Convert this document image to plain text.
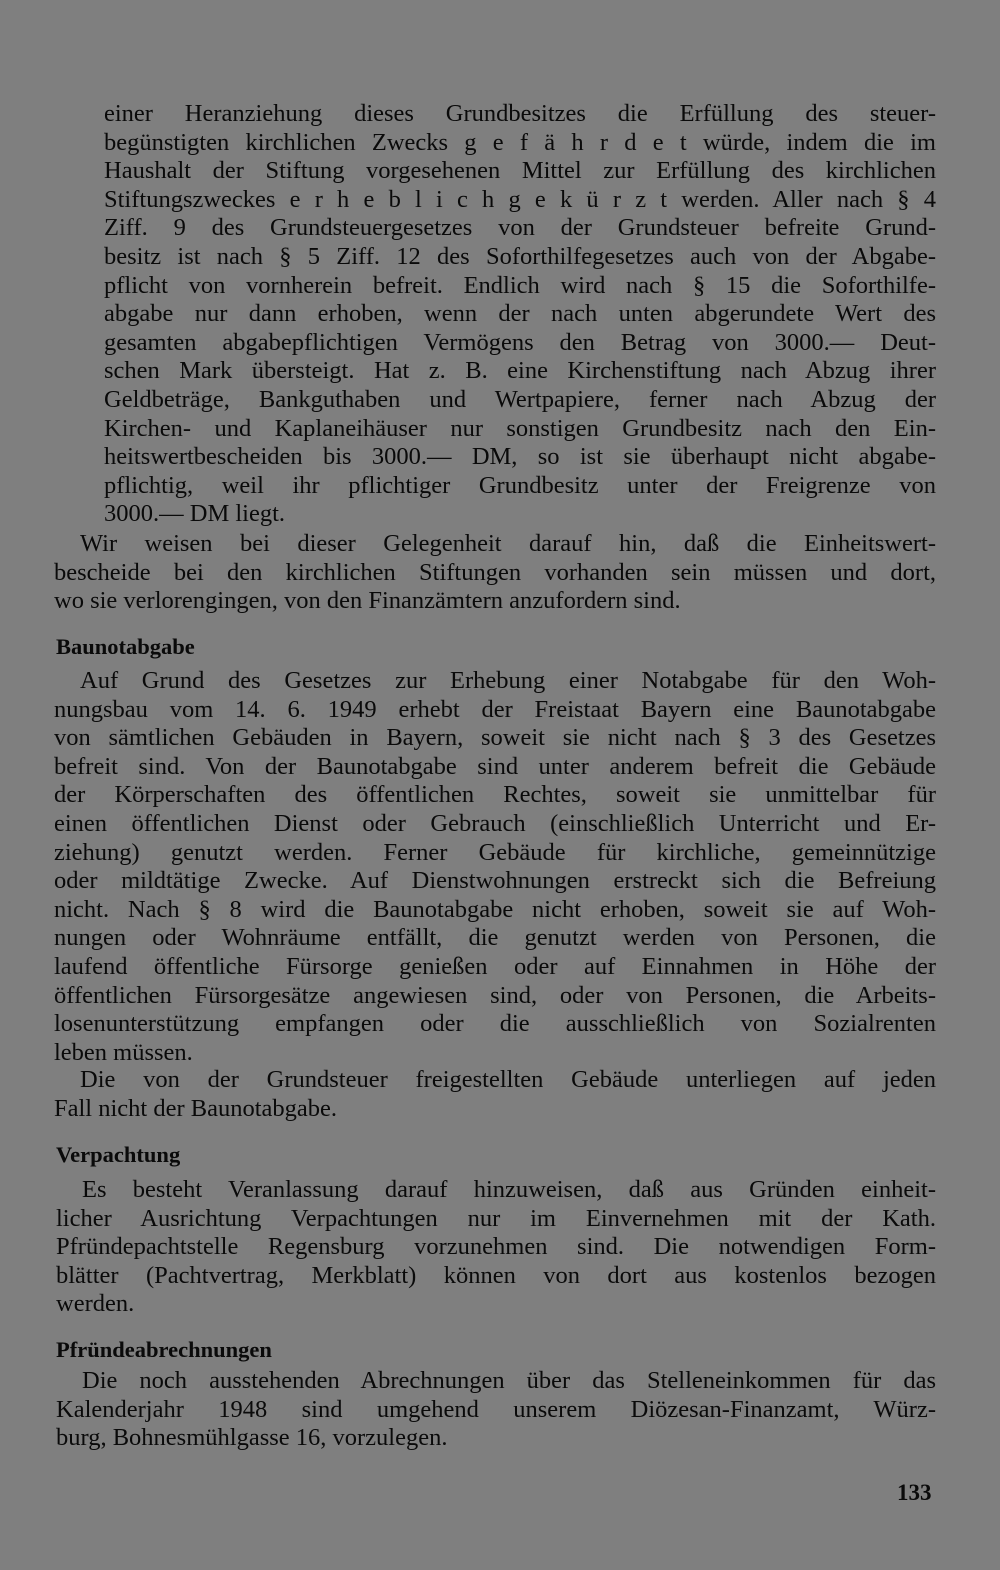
einer Heranziehung dieses Grundbesitzes die Erfüllung des steuer-
begünstigten kirchlichen Zwecks g e f ä h r d e t würde, indem die im
Haushalt der Stiftung vorgesehenen Mittel zur Erfüllung des kirchlichen
Stiftungszweckes e r h e b l i c h g e k ü r z t werden. Aller nach § 4
Ziff. 9 des Grundsteuergesetzes von der Grundsteuer befreite Grund-
besitz ist nach § 5 Ziff. 12 des Soforthilfegesetzes auch von der Abgabe-
pflicht von vornherein befreit. Endlich wird nach § 15 die Soforthilfe-
abgabe nur dann erhoben, wenn der nach unten abgerundete Wert des
gesamten abgabepflichtigen Vermögens den Betrag von 3000.— Deut-
schen Mark übersteigt. Hat z. B. eine Kirchenstiftung nach Abzug ihrer
Geldbeträge, Bankguthaben und Wertpapiere, ferner nach Abzug der
Kirchen- und Kaplaneihäuser nur sonstigen Grundbesitz nach den Ein-
heitswertbescheiden bis 3000.— DM, so ist sie überhaupt nicht abgabe-
pflichtig, weil ihr pflichtiger Grundbesitz unter der Freigrenze von
3000.— DM liegt.
Wir weisen bei dieser Gelegenheit darauf hin, daß die Einheitswert-
bescheide bei den kirchlichen Stiftungen vorhanden sein müssen und dort,
wo sie verlorengingen, von den Finanzämtern anzufordern sind.
Baunotabgabe
Auf Grund des Gesetzes zur Erhebung einer Notabgabe für den Woh-
nungsbau vom 14. 6. 1949 erhebt der Freistaat Bayern eine Baunotabgabe
von sämtlichen Gebäuden in Bayern, soweit sie nicht nach § 3 des Gesetzes
befreit sind. Von der Baunotabgabe sind unter anderem befreit die Gebäude
der Körperschaften des öffentlichen Rechtes, soweit sie unmittelbar für
einen öffentlichen Dienst oder Gebrauch (einschließlich Unterricht und Er-
ziehung) genutzt werden. Ferner Gebäude für kirchliche, gemeinnützige
oder mildtätige Zwecke. Auf Dienstwohnungen erstreckt sich die Befreiung
nicht. Nach § 8 wird die Baunotabgabe nicht erhoben, soweit sie auf Woh-
nungen oder Wohnräume entfällt, die genutzt werden von Personen, die
laufend öffentliche Fürsorge genießen oder auf Einnahmen in Höhe der
öffentlichen Fürsorgesätze angewiesen sind, oder von Personen, die Arbeits-
losenunterstützung empfangen oder die ausschließlich von Sozialrenten
leben müssen.
Die von der Grundsteuer freigestellten Gebäude unterliegen auf jeden
Fall nicht der Baunotabgabe.
Verpachtung
Es besteht Veranlassung darauf hinzuweisen, daß aus Gründen einheit-
licher Ausrichtung Verpachtungen nur im Einvernehmen mit der Kath.
Pfründepachtstelle Regensburg vorzunehmen sind. Die notwendigen Form-
blätter (Pachtvertrag, Merkblatt) können von dort aus kostenlos bezogen
werden.
Pfründeabrechnungen
Die noch ausstehenden Abrechnungen über das Stelleneinkommen für das
Kalenderjahr 1948 sind umgehend unserem Diözesan-Finanzamt, Würz-
burg, Bohnesmühlgasse 16, vorzulegen.
133
